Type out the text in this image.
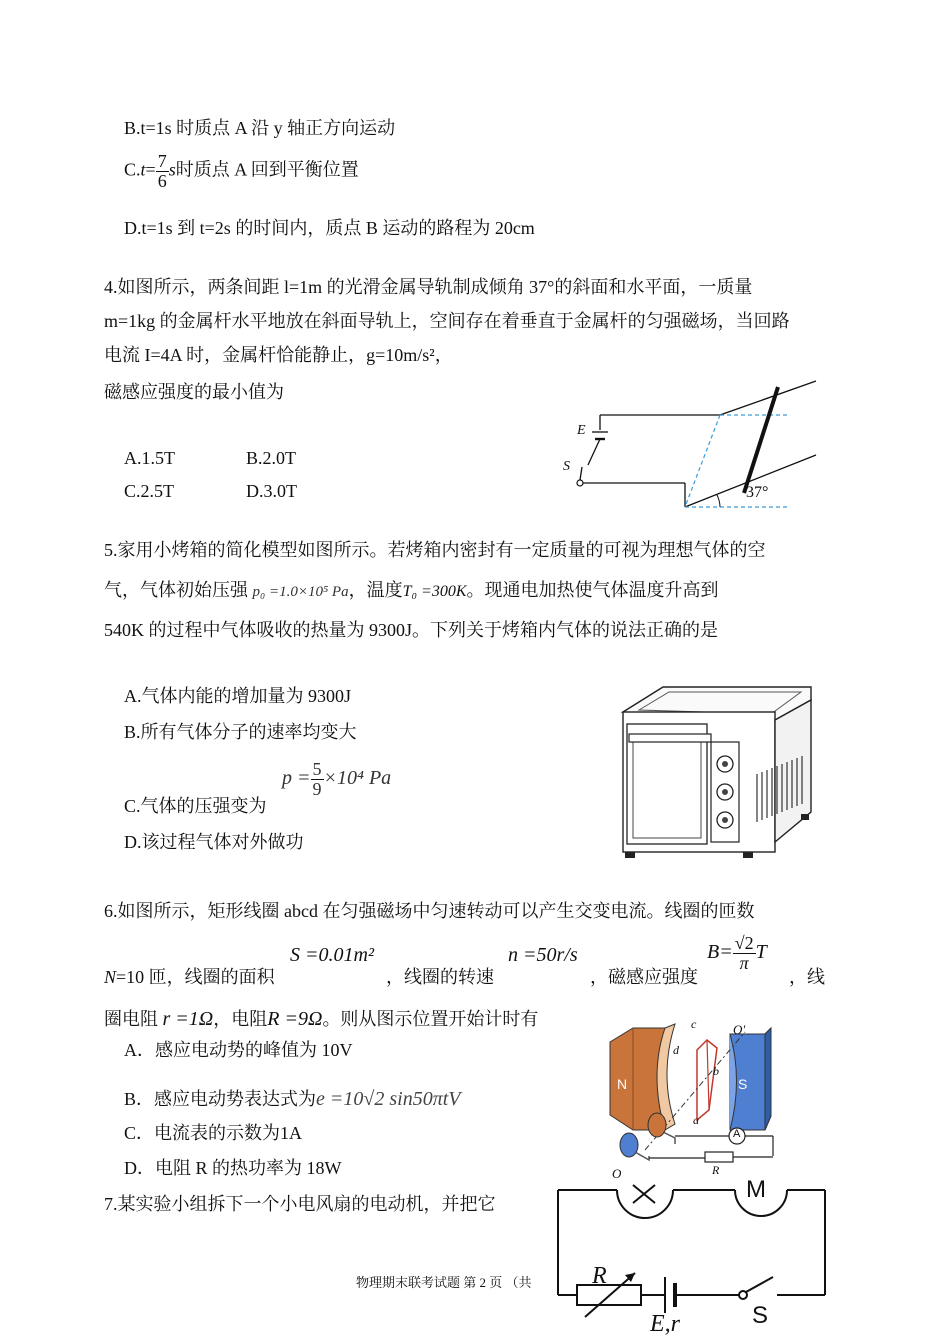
B.t=1s 时质点 A 沿 y 轴正方向运动
$C.t= \frac{7}{6}$ s时质点 A 回到平衡位置
D.t=1s 到 t=2s 的时间内，质点 B 运动的路程为 20cm
4.如图所示，两条间距 l=1m 的光滑金属导轨制成倾角 37°的斜面和水平面，一质量
m=1kg 的金属杆水平地放在斜面导轨上，空间存在着垂直于金属杆的匀强磁场，当回路
电流 I=4A 时，金属杆恰能静止，g=10m/s²，
磁感应强度的最小值为
A.1.5T	B.2.0T
C.2.5T	D.3.0T
E
S
37°
5.家用小烤箱的简化模型如图所示。若烤箱内密封有一定质量的可视为理想气体的空
气，气体初始压强 p₀ =1.0×10⁵ Pa，温度T₀ =300K。现通电加热使气体温度升高到
540K 的过程中气体吸收的热量为 9300J。下列关于烤箱内气体的说法正确的是
A.气体内能的增加量为 9300J
B.所有气体分子的速率均变大
C.气体的压强变为
$p = \frac{5}{9} \times 10^4$ Pa
D.该过程气体对外做功
6.如图所示，矩形线圈 abcd 在匀强磁场中匀速转动可以产生交变电流。线圈的匝数
S =0.01m²	n =50r/s	$B= \frac{√2}{\pi}$ T
N=10 匝，线圈的面积	，线圈的转速	，磁感应强度	，线
圈电阻 r =1Ω，电阻R =9Ω。则从图示位置开始计时有
A．感应电动势的峰值为 10V
B．感应电动势表达式为e =10√2 sin50πtV
C．电流表的示数为1A
D．电阻 R 的热功率为 18W
N	S
c
d
b
a
O′
O
A
R
7.某实验小组拆下一个小电风扇的电动机，并把它
M
R
E,r	S
物理期末联考试题 第 2 页 （共
